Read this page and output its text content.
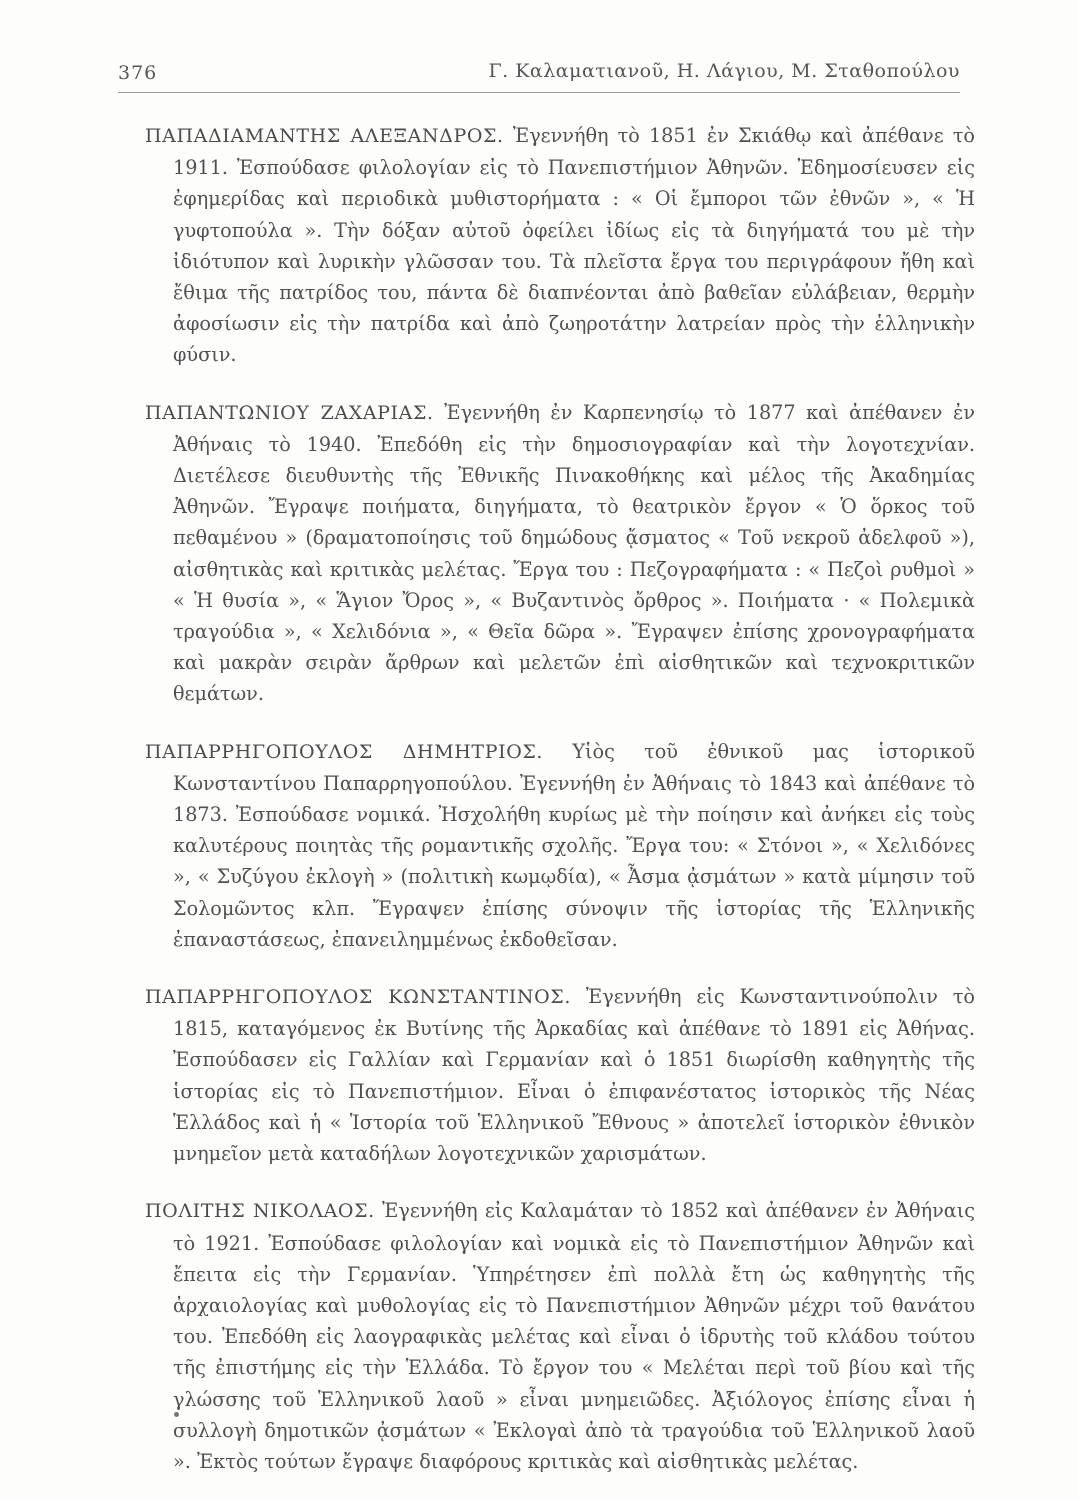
376	Γ. Καλαματιανοῦ, Η. Λάγιου, Μ. Σταθοπούλου

ΠΑΠΑΔΙΑΜΑΝΤΗΣ ΑΛΕΞΑΝΔΡΟΣ. Ἐγεννήθη τὸ 1851 ἐν Σκιάθῳ καὶ ἀπέθανε τὸ 1911. Ἐσπούδασε φιλολογίαν εἰς τὸ Πανεπιστήμιον Ἀθηνῶν. Ἐδημοσίευσεν εἰς ἐφημερίδας καὶ περιοδικὰ μυθιστορήματα : « Οἱ ἔμποροι τῶν ἐθνῶν », « Ἡ γυφτοπούλα ». Τὴν δόξαν αὐτοῦ ὀφείλει ἰδίως εἰς τὰ διηγήματά του μὲ τὴν ἰδιότυπον καὶ λυρικὴν γλῶσσαν του. Τὰ πλεῖστα ἔργα του περιγράφουν ἤθη καὶ ἔθιμα τῆς πατρίδος του, πάντα δὲ διαπνέονται ἀπὸ βαθεῖαν εὐλάβειαν, θερμὴν ἀφοσίωσιν εἰς τὴν πατρίδα καὶ ἀπὸ ζωηροτάτην λατρείαν πρὸς τὴν ἑλληνικὴν φύσιν.

ΠΑΠΑΝΤΩΝΙΟΥ ΖΑΧΑΡΙΑΣ. Ἐγεννήθη ἐν Καρπενησίῳ τὸ 1877 καὶ ἀπέθανεν ἐν Ἀθήναις τὸ 1940. Ἐπεδόθη εἰς τὴν δημοσιογραφίαν καὶ τὴν λογοτεχνίαν. Διετέλεσε διευθυντὴς τῆς Ἐθνικῆς Πινακοθήκης καὶ μέλος τῆς Ἀκαδημίας Ἀθηνῶν. Ἔγραψε ποιήματα, διηγήματα, τὸ θεατρικὸν ἔργον « Ὁ ὅρκος τοῦ πεθαμένου » (δραματοποίησις τοῦ δημώδους ᾄσματος « Τοῦ νεκροῦ ἀδελφοῦ »), αἰσθητικὰς καὶ κριτικὰς μελέτας. Ἔργα του : Πεζογραφήματα : « Πεζοὶ ρυθμοὶ » « Ἡ θυσία », « Ἅγιον Ὄρος », « Βυζαντινὸς ὄρθρος ». Ποιήματα · « Πολεμικὰ τραγούδια », « Χελιδόνια », « Θεῖα δῶρα ». Ἔγραψεν ἐπίσης χρονογραφήματα καὶ μακρὰν σειρὰν ἄρθρων καὶ μελετῶν ἐπὶ αἰσθητικῶν καὶ τεχνοκριτικῶν θεμάτων.

ΠΑΠΑΡΡΗΓΟΠΟΥΛΟΣ ΔΗΜΗΤΡΙΟΣ. Υἱὸς τοῦ ἐθνικοῦ μας ἱστορικοῦ Κωνσταντίνου Παπαρρηγοπούλου. Ἐγεννήθη ἐν Ἀθήναις τὸ 1843 καὶ ἀπέθανε τὸ 1873. Ἐσπούδασε νομικά. Ἠσχολήθη κυρίως μὲ τὴν ποίησιν καὶ ἀνήκει εἰς τοὺς καλυτέρους ποιητὰς τῆς ρομαντικῆς σχολῆς. Ἔργα του: « Στόνοι », « Χελιδόνες », « Συζύγου ἐκλογὴ » (πολιτικὴ κωμῳδία), « Ἆσμα ᾀσμάτων » κατὰ μίμησιν τοῦ Σολομῶντος κλπ. Ἔγραψεν ἐπίσης σύνοψιν τῆς ἱστορίας τῆς Ἑλληνικῆς ἐπαναστάσεως, ἐπανειλημμένως ἐκδοθεῖσαν.

ΠΑΠΑΡΡΗΓΟΠΟΥΛΟΣ ΚΩΝΣΤΑΝΤΙΝΟΣ. Ἐγεννήθη εἰς Κωνσταντινούπολιν τὸ 1815, καταγόμενος ἐκ Βυτίνης τῆς Ἀρκαδίας καὶ ἀπέθανε τὸ 1891 εἰς Ἀθήνας. Ἐσπούδασεν εἰς Γαλλίαν καὶ Γερμανίαν καὶ ὁ 1851 διωρίσθη καθηγητὴς τῆς ἱστορίας εἰς τὸ Πανεπιστήμιον. Εἶναι ὁ ἐπιφανέστατος ἱστορικὸς τῆς Νέας Ἑλλάδος καὶ ἡ « Ἱστορία τοῦ Ἑλληνικοῦ Ἔθνους » ἀποτελεῖ ἱστορικὸν ἐθνικὸν μνημεῖον μετὰ καταδήλων λογοτεχνικῶν χαρισμάτων.

ΠΟΛΙΤΗΣ ΝΙΚΟΛΑΟΣ. Ἐγεννήθη εἰς Καλαμάταν τὸ 1852 καὶ ἀπέθανεν ἐν Ἀθήναις τὸ 1921. Ἐσπούδασε φιλολογίαν καὶ νομικὰ εἰς τὸ Πανεπιστήμιον Ἀθηνῶν καὶ ἔπειτα εἰς τὴν Γερμανίαν. Ὑπηρέτησεν ἐπὶ πολλὰ ἔτη ὡς καθηγητὴς τῆς ἀρχαιολογίας καὶ μυθολογίας εἰς τὸ Πανεπιστήμιον Ἀθηνῶν μέχρι τοῦ θανάτου του. Ἐπεδόθη εἰς λαογραφικὰς μελέτας καὶ εἶναι ὁ ἱδρυτὴς τοῦ κλάδου τούτου τῆς ἐπιστήμης εἰς τὴν Ἑλλάδα. Τὸ ἔργον του « Μελέται περὶ τοῦ βίου καὶ τῆς γλώσσης τοῦ Ἑλληνικοῦ λαοῦ » εἶναι μνημειῶδες. Ἀξιόλογος ἐπίσης εἶναι ἡ συλλογὴ δημοτικῶν ᾀσμάτων « Ἐκλογαὶ ἀπὸ τὰ τραγούδια τοῦ Ἑλληνικοῦ λαοῦ ». Ἐκτὸς τούτων ἔγραψε διαφόρους κριτικὰς καὶ αἰσθητικὰς μελέτας.
